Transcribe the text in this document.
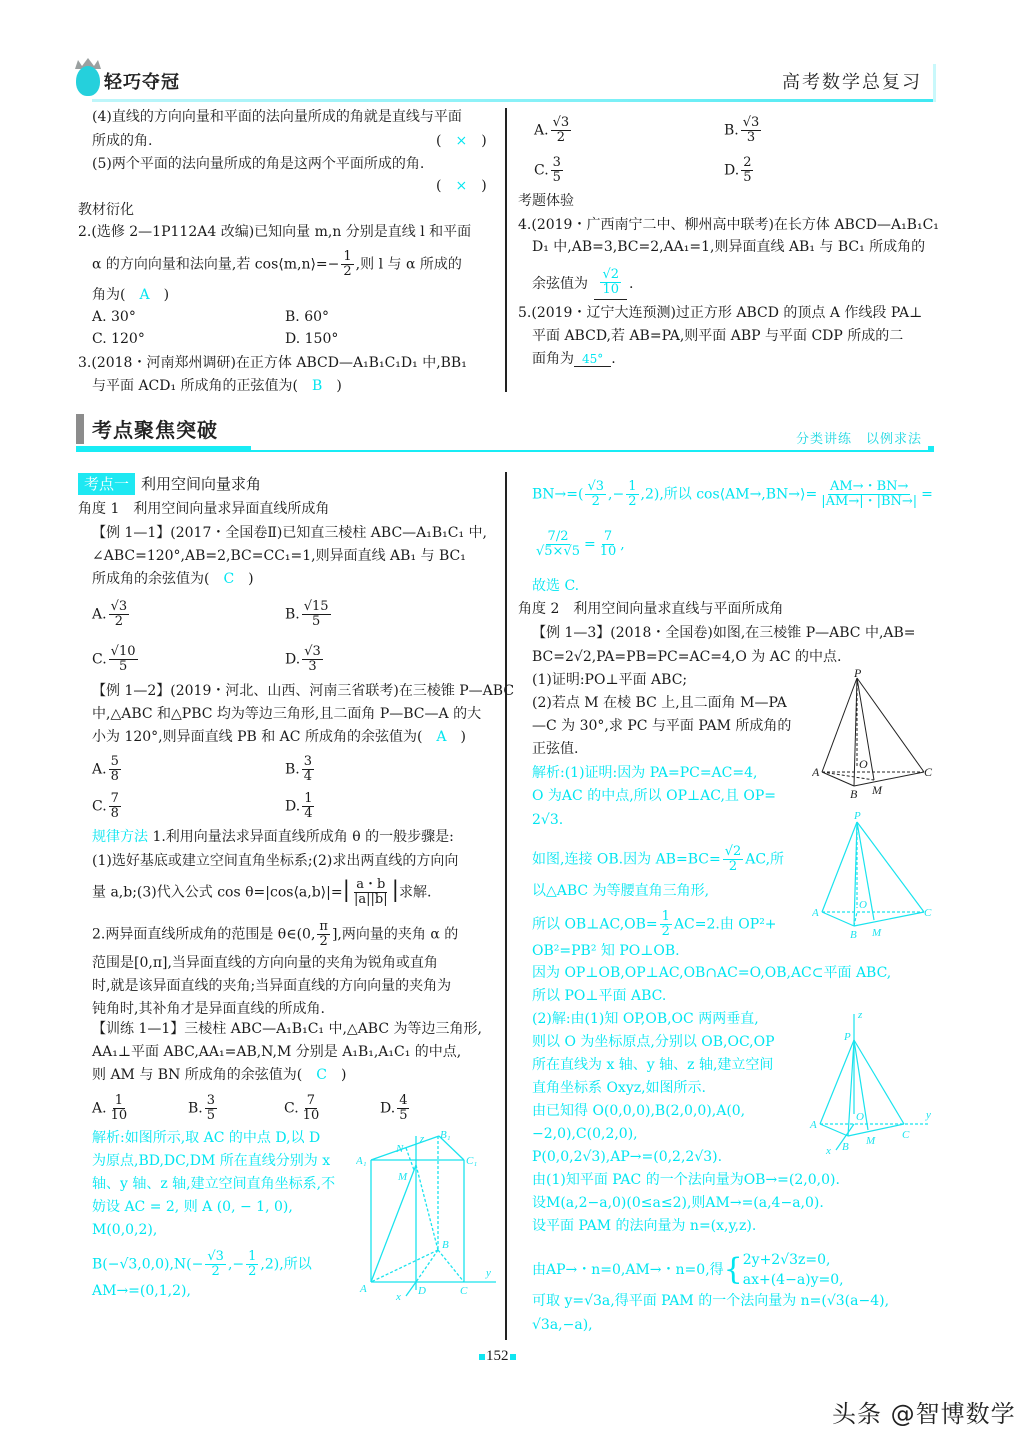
轻巧夺冠	高考数学总复习
(4)直线的方向向量和平面的法向量所成的角就是直线与平面
所成的角.	(　×　)
(5)两个平面的法向量所成的角是这两个平面所成的角.
(　×　)
教材衍化
2.(选修 2—1P112A4 改编)已知向量 m,n 分别是直线 l 和平面
α 的方向向量和法向量,若 cos⟨m,n⟩=− $\frac{1}{2}$ ,则 l 与 α 所成的
角为(　 A　 )
A. 30°	B. 60°
C. 120°	D. 150°
3.(2018・河南郑州调研)在正方体 ABCD—A₁B₁C₁D₁ 中,BB₁
与平面 ACD₁ 所成角的正弦值为(　 B　 )
A. $\frac{√3}{2}$	B. $\frac{√3}{3}$
C. $\frac{3}{5}$	D. $\frac{2}{5}$
考题体验
4.(2019・广西南宁二中、柳州高中联考)在长方体 ABCD—A₁B₁C₁
D₁ 中,AB=3,BC=2,AA₁=1,则异面直线 AB₁ 与 BC₁ 所成角的
余弦值为 $\frac{√2}{10}$ .
5.(2019・辽宁大连预测)过正方形 ABCD 的顶点 A 作线段 PA⊥
平面 ABCD,若 AB=PA,则平面 ABP 与平面 CDP 所成的二
面角为 45° .
考点聚焦突破	分类讲练　以例求法
考点一 利用空间向量求角
角度 1　利用空间向量求异面直线所成角
【例 1—1】(2017・全国卷Ⅱ)已知直三棱柱 ABC—A₁B₁C₁ 中,
∠ABC=120°,AB=2,BC=CC₁=1,则异面直线 AB₁ 与 BC₁
所成角的余弦值为(　 C　)
A. $\frac{√3}{2}$	B. $\frac{√15}{5}$
C. $\frac{√10}{5}$	D. $\frac{√3}{3}$
【例 1—2】(2019・河北、山西、河南三省联考)在三棱锥 P—ABC
中,△ABC 和△PBC 均为等边三角形,且二面角 P—BC—A 的大
小为 120°,则异面直线 PB 和 AC 所成角的余弦值为(　 A　)
A. $\frac{5}{8}$	B. $\frac{3}{4}$
C. $\frac{7}{8}$	D. $\frac{1}{4}$
规律方法 1.利用向量法求异面直线所成角 θ 的一般步骤是:
(1)选好基底或建立空间直角坐标系;(2)求出两直线的方向向
量 a,b;(3)代入公式 cos θ=|cos⟨a,b⟩|=| $\frac{a・b}{|a||b|}$ |求解.
2.两异面直线所成角的范围是 θ∈(0, $\frac{\pi}{2}$ ],两向量的夹角 α 的
范围是[0,π],当异面直线的方向向量的夹角为锐角或直角
时,就是该异面直线的夹角;当异面直线的方向向量的夹角为
钝角时,其补角才是异面直线的所成角.
【训练 1—1】三棱柱 ABC—A₁B₁C₁ 中,△ABC 为等边三角形,
AA₁⊥平面 ABC,AA₁=AB,N,M 分别是 A₁B₁,A₁C₁ 的中点,
则 AM 与 BN 所成角的余弦值为(　 C　)
A. $\frac{1}{10}$	B. $\frac{3}{5}$	C. $\frac{7}{10}$	D. $\frac{4}{5}$
解析:如图所示,取 AC 的中点 D,以 D
为原点,BD,DC,DM 所在直线分别为 x
轴、y 轴、z 轴,建立空间直角坐标系,不
妨设 AC = 2, 则 A (0, − 1, 0),
M(0,0,2),
$B(-√3,0,0),N(- \frac{√3}{2}$ ,− $\frac{1}{2} ,2$),所以
AM→=(0,1,2),
A₁
N
B₁
C₁
M
z
B
A	D	C
x
y
$BN\to=( \frac{√3}{2}$ ,− $\frac{1}{2} ,2$),所以 cos⟨AM→,BN→⟩= $\frac{AM\to・BN\to}{|AM\to|・|BN\to|}$ =
$\frac{7/2}{√5\times√5} = \frac{7}{10}$ ,
故选 C.
角度 2　利用空间向量求直线与平面所成角
【例 1—3】(2018・全国卷)如图,在三棱锥 P—ABC 中,AB=
BC=2√2,PA=PB=PC=AC=4,O 为 AC 的中点.
(1)证明:PO⊥平面 ABC;
(2)若点 M 在棱 BC 上,且二面角 M—PA
—C 为 30°,求 PC 与平面 PAM 所成角的
正弦值.
解析:(1)证明:因为 PA=PC=AC=4,
O 为AC 的中点,所以 OP⊥AC,且 OP=
2√3.
如图,连接 OB.因为 $AB=BC= \frac{√2}{2}$ AC,所
以△ABC 为等腰直角三角形,
所以 OB⊥AC,OB= $\frac{1}{2} AC=2$.由 OP²+
OB²=PB² 知 PO⊥OB.
因为 OP⊥OB,OP⊥AC,OB∩AC=O,OB,AC⊂平面 ABC,
所以 PO⊥平面 ABC.
(2)解:由(1)知 OP,OB,OC 两两垂直,
则以 O 为坐标原点,分别以 OB,OC,OP
所在直线为 x 轴、y 轴、z 轴,建立空间
直角坐标系 Oxyz,如图所示.
由已知得 O(0,0,0),B(2,0,0),A(0,
−2,0),C(0,2,0),
P(0,0,2√3),AP→=(0,2,2√3).
由(1)知平面 PAC 的一个法向量为OB→=(2,0,0).
设M(a,2−a,0)(0≤a≤2),则AM→=(a,4−a,0).
设平面 PAM 的法向量为 n=(x,y,z).
由AP→・n=0,AM→・n=0,得{ 2y+2√3z=0,
ax+(4−a)y=0,
可取 y=√3a,得平面 PAM 的一个法向量为 n=(√3(a−4),
√3a,−a),
P
A
O
C
B M
P
A
O
C
B M
z
P
A
O	y
C
x B M
152
头条 @智博数学
